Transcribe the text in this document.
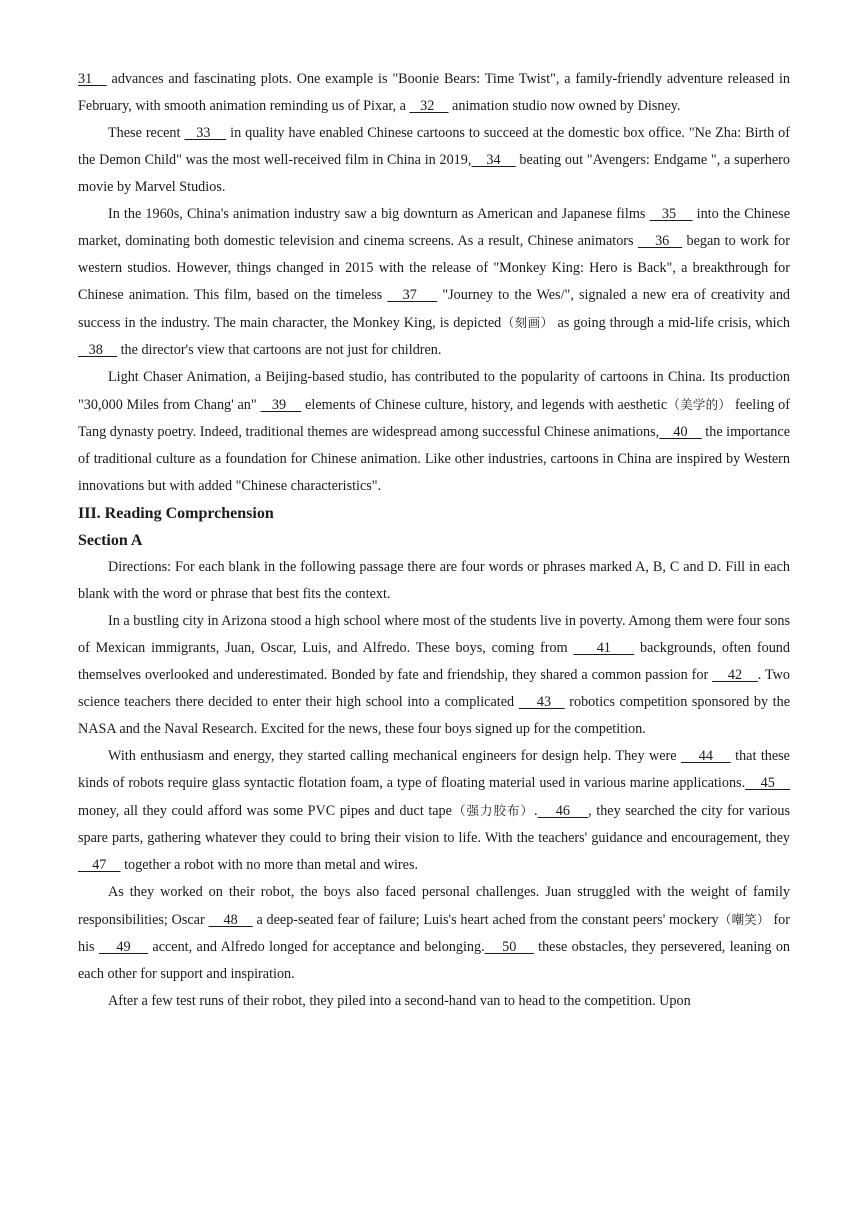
31    advances and fascinating plots. One example is "Boonie Bears: Time Twist", a family-friendly adventure released in February, with smooth animation reminding us of Pixar, a    32     animation studio now owned by Disney.

These recent    33     in quality have enabled Chinese cartoons to succeed at the domestic box office. "Ne Zha: Birth of the Demon Child" was the most well-received film in China in 2019,    34     beating out "Avengers: Endgame ", a superhero movie by Marvel Studios.

In the 1960s, China's animation industry saw a big downturn as American and Japanese films    35     into the Chinese market, dominating both domestic television and cinema screens. As a result, Chinese animators     36    began to work for western studios. However, things changed in 2015 with the release of "Monkey King: Hero is Back", a breakthrough for Chinese animation. This film, based on the timeless    37     "Journey to the Wes/", signaled a new era of creativity and success in the industry. The main character, the Monkey King, is depicted（刻画） as going through a mid-life crisis, which    38     the director's view that cartoons are not just for children.

Light Chaser Animation, a Beijing-based studio, has contributed to the popularity of cartoons in China. Its production "30,000 Miles from Chang' an"    39     elements of Chinese culture, history, and legends with aesthetic（美学的） feeling of Tang dynasty poetry. Indeed, traditional themes are widespread among successful Chinese animations,    40     the importance of traditional culture as a foundation for Chinese animation. Like other industries, cartoons in China are inspired by Western innovations but with added "Chinese characteristics".

III. Reading Comprchension
Section A

Directions: For each blank in the following passage there are four words or phrases marked A, B, C and D. Fill in each blank with the word or phrase that best fits the context.

In a bustling city in Arizona stood a high school where most of the students live in poverty. Among them were four sons of Mexican immigrants, Juan, Oscar, Luis, and Alfredo. These boys, coming from     41     backgrounds, often found themselves overlooked and underestimated. Bonded by fate and friendship, they shared a common passion for     42    . Two science teachers there decided to enter their high school into a complicated     43    robotics competition sponsored by the NASA and the Naval Research. Excited for the news, these four boys signed up for the competition.

With enthusiasm and energy, they started calling mechanical engineers for design help. They were     44     that these kinds of robots require glass syntactic flotation foam, a type of floating material used in various marine applications.    45     money, all they could afford was some PVC pipes and duct tape（强力胶布）.    46    , they searched the city for various spare parts, gathering whatever they could to bring their vision to life. With the teachers' guidance and encouragement, they     47     together a robot with no more than metal and wires.

As they worked on their robot, the boys also faced personal challenges. Juan struggled with the weight of family responsibilities; Oscar     48     a deep-seated fear of failure; Luis's heart ached from the constant peers' mockery（嘲笑） for his     49     accent, and Alfredo longed for acceptance and belonging.    50     these obstacles, they persevered, leaning on each other for support and inspiration.

After a few test runs of their robot, they piled into a second-hand van to head to the competition. Upon
